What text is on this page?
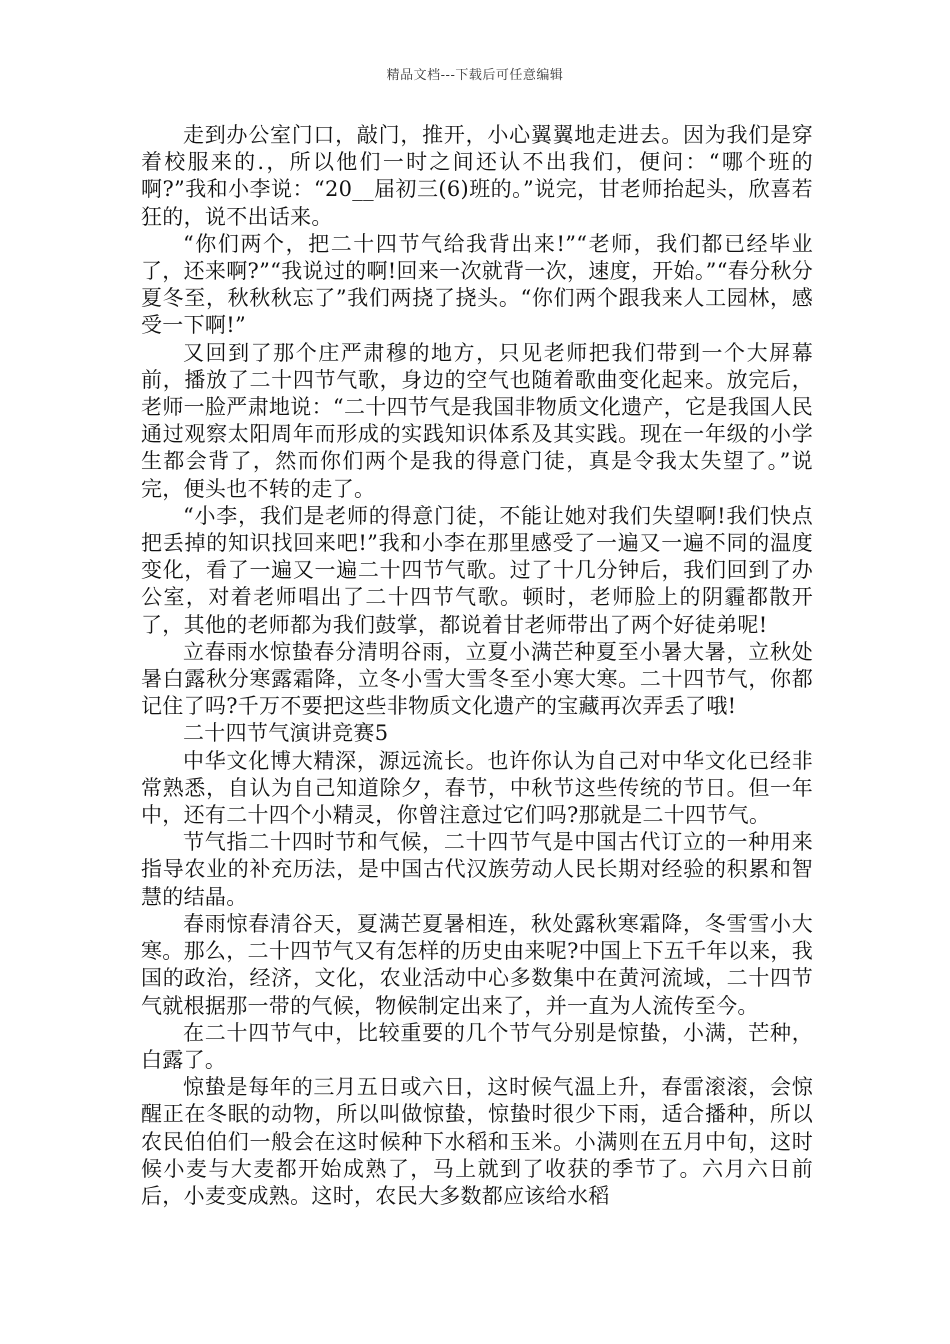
精品文档---下载后可任意编辑

走到办公室门口，敲门，推开，小心翼翼地走进去。因为我们是穿着校服来的.，所以他们一时之间还认不出我们，便问：“哪个班的啊?”我和小李说：“20__届初三(6)班的。”说完，甘老师抬起头，欣喜若狂的，说不出话来。

“你们两个，把二十四节气给我背出来!”“老师，我们都已经毕业了，还来啊?”“我说过的啊!回来一次就背一次，速度，开始。”“春分秋分夏冬至，秋秋秋忘了”我们两挠了挠头。“你们两个跟我来人工园林，感受一下啊!”

又回到了那个庄严肃穆的地方，只见老师把我们带到一个大屏幕前，播放了二十四节气歌，身边的空气也随着歌曲变化起来。放完后，老师一脸严肃地说：“二十四节气是我国非物质文化遗产，它是我国人民通过观察太阳周年而形成的实践知识体系及其实践。现在一年级的小学生都会背了，然而你们两个是我的得意门徒，真是令我太失望了。”说完，便头也不转的走了。

“小李，我们是老师的得意门徒，不能让她对我们失望啊!我们快点把丢掉的知识找回来吧!”我和小李在那里感受了一遍又一遍不同的温度变化，看了一遍又一遍二十四节气歌。过了十几分钟后，我们回到了办公室，对着老师唱出了二十四节气歌。顿时，老师脸上的阴霾都散开了，其他的老师都为我们鼓掌，都说着甘老师带出了两个好徒弟呢!

立春雨水惊蛰春分清明谷雨，立夏小满芒种夏至小暑大暑，立秋处暑白露秋分寒露霜降，立冬小雪大雪冬至小寒大寒。二十四节气，你都记住了吗?千万不要把这些非物质文化遗产的宝藏再次弄丢了哦!

二十四节气演讲竞赛5

中华文化博大精深，源远流长。也许你认为自己对中华文化已经非常熟悉，自认为自己知道除夕，春节，中秋节这些传统的节日。但一年中，还有二十四个小精灵，你曾注意过它们吗?那就是二十四节气。

节气指二十四时节和气候，二十四节气是中国古代订立的一种用来指导农业的补充历法，是中国古代汉族劳动人民长期对经验的积累和智慧的结晶。

春雨惊春清谷天，夏满芒夏暑相连，秋处露秋寒霜降，冬雪雪小大寒。那么，二十四节气又有怎样的历史由来呢?中国上下五千年以来，我国的政治，经济，文化，农业活动中心多数集中在黄河流域，二十四节气就根据那一带的气候，物候制定出来了，并一直为人流传至今。

在二十四节气中，比较重要的几个节气分别是惊蛰，小满，芒种，白露了。

惊蛰是每年的三月五日或六日，这时候气温上升，春雷滚滚，会惊醒正在冬眠的动物，所以叫做惊蛰，惊蛰时很少下雨，适合播种，所以农民伯伯们一般会在这时候种下水稻和玉米。小满则在五月中旬，这时候小麦与大麦都开始成熟了，马上就到了收获的季节了。六月六日前后，小麦变成熟。这时，农民大多数都应该给水稻
